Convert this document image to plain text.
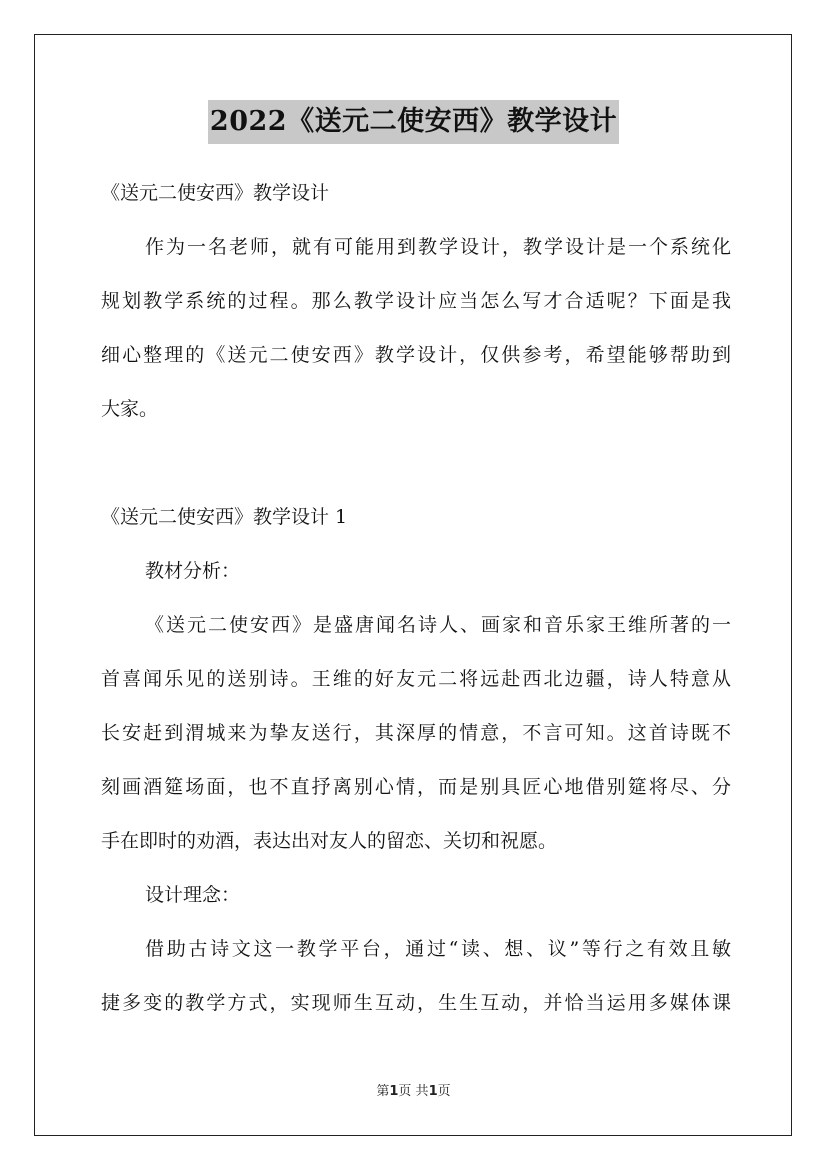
2022《送元二使安西》教学设计

《送元二使安西》教学设计

作为一名老师，就有可能用到教学设计，教学设计是一个系统化

规划教学系统的过程。那么教学设计应当怎么写才合适呢？下面是我

细心整理的《送元二使安西》教学设计，仅供参考，希望能够帮助到

大家。

《送元二使安西》教学设计 1

教材分析：

《送元二使安西》是盛唐闻名诗人、画家和音乐家王维所著的一

首喜闻乐见的送别诗。王维的好友元二将远赴西北边疆，诗人特意从

长安赶到渭城来为挚友送行，其深厚的情意，不言可知。这首诗既不

刻画酒筵场面，也不直抒离别心情，而是别具匠心地借别筵将尽、分

手在即时的劝酒，表达出对友人的留恋、关切和祝愿。

设计理念：

借助古诗文这一教学平台，通过“读、想、议”等行之有效且敏

捷多变的教学方式，实现师生互动，生生互动，并恰当运用多媒体课

第1页 共1页
